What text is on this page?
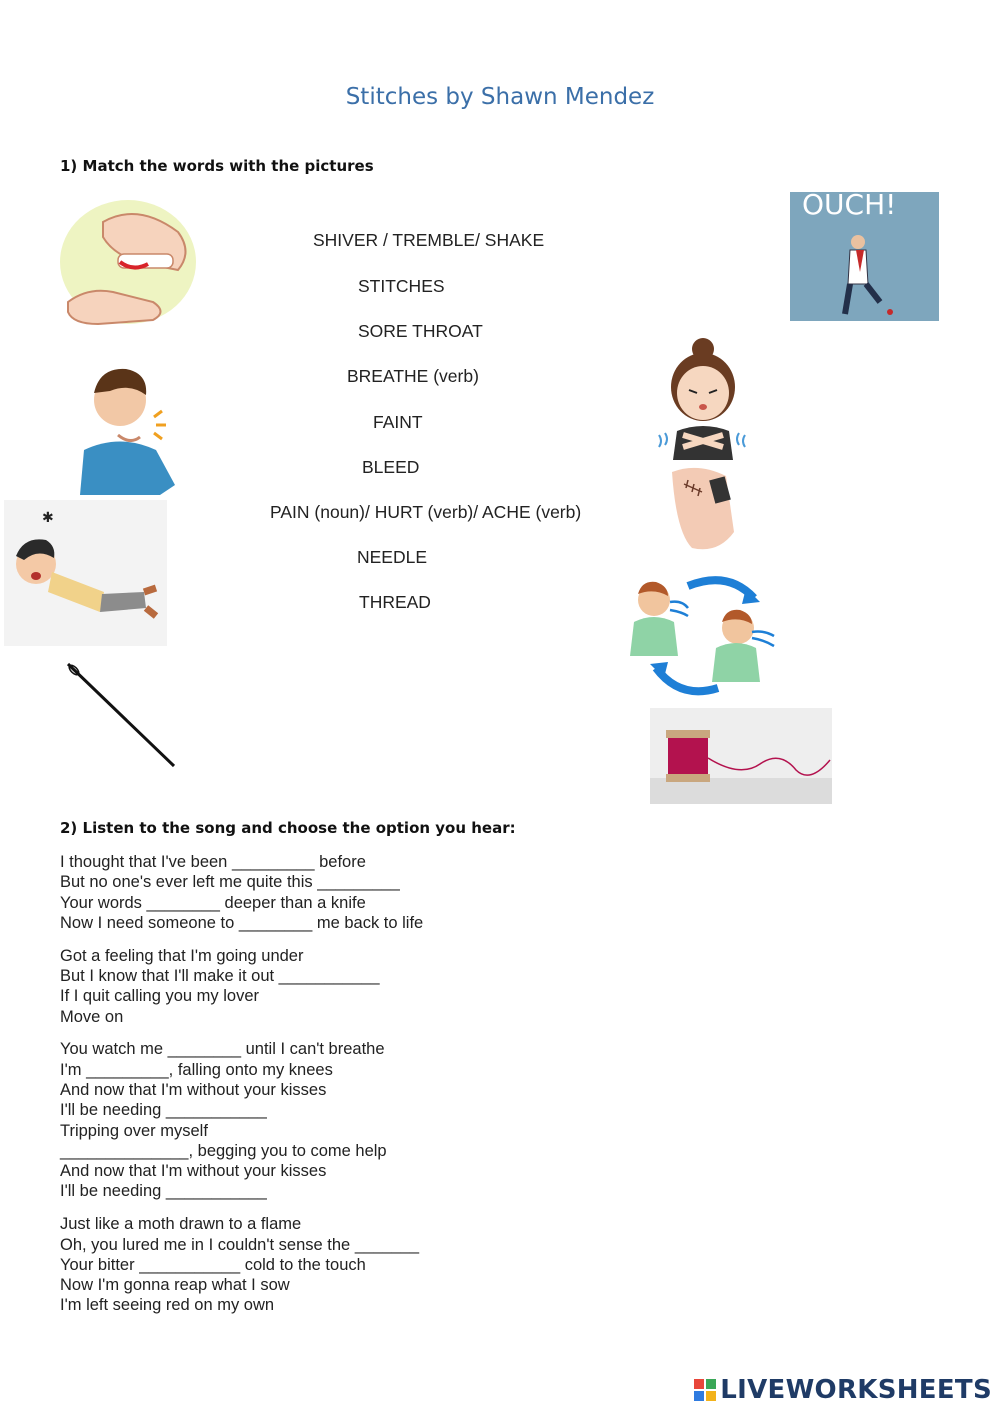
Stitches by Shawn Mendez
1) Match the words with the pictures
SHIVER / TREMBLE/ SHAKE
STITCHES
SORE THROAT
BREATHE (verb)
FAINT
BLEED
PAIN (noun)/ HURT (verb)/ ACHE (verb)
NEEDLE
THREAD
OUCH!
✱
2) Listen to the song and choose the option you hear:
I thought that I've been _________ before
But no one's ever left me quite this _________
Your words ________ deeper than a knife
Now I need someone to ________ me back to life
Got a feeling that I'm going under
But I know that I'll make it out ___________
If I quit calling you my lover
Move on
You watch me ________ until I can't breathe
I'm _________, falling onto my knees
And now that I'm without your kisses
I'll be needing ___________
Tripping over myself
______________, begging you to come help
And now that I'm without your kisses
I'll be needing ___________
Just like a moth drawn to a flame
Oh, you lured me in I couldn't sense the _______
Your bitter ___________ cold to the touch
Now I'm gonna reap what I sow
I'm left seeing red on my own
LIVEWORKSHEETS
